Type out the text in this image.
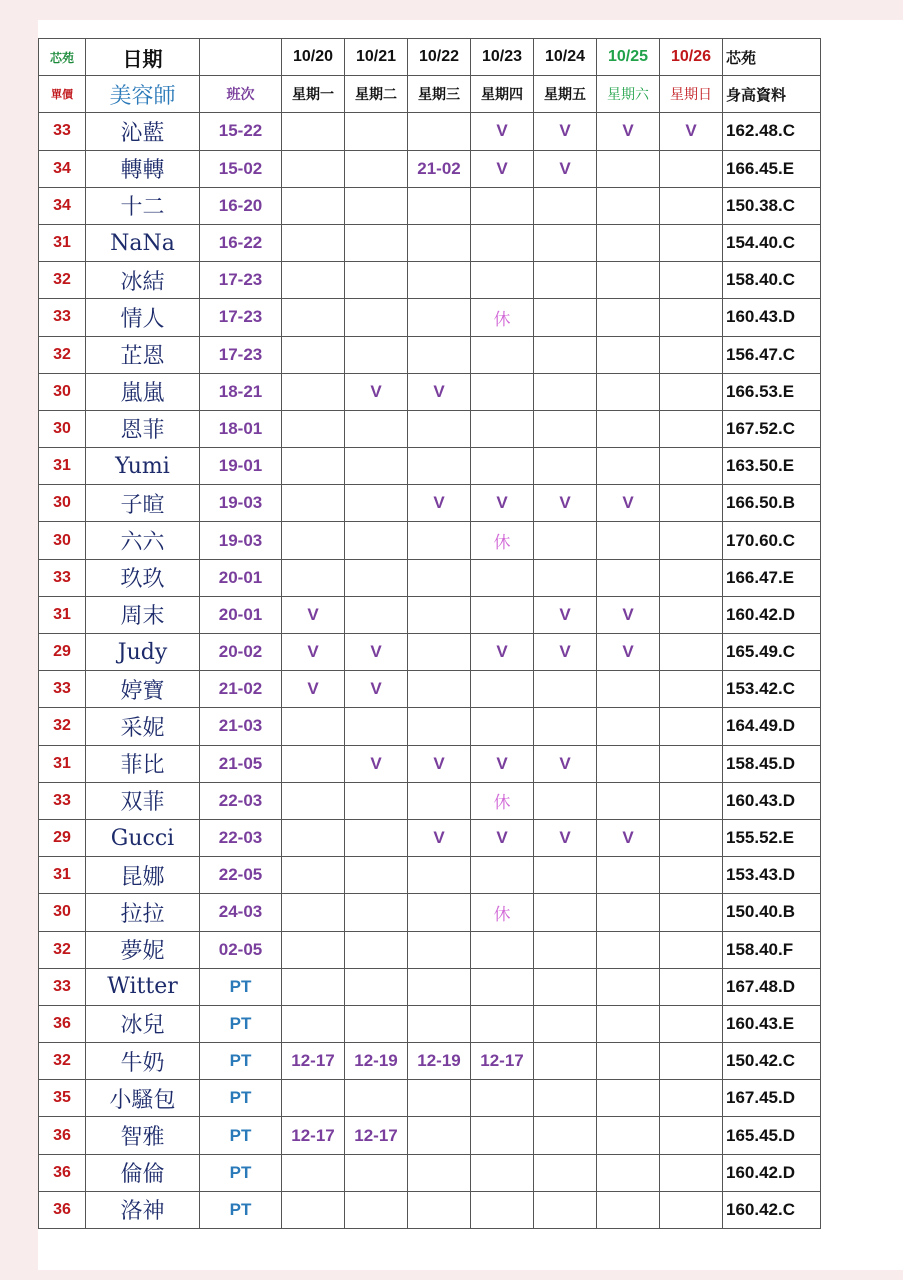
芯苑	日期		10/20	10/21	10/22	10/23	10/24	10/25	10/26	芯苑
單價	美容師	班次	星期一	星期二	星期三	星期四	星期五	星期六	星期日	身高資料
33	沁藍	15-22				V	V	V	V	162.48.C
34	轉轉	15-02			21-02	V	V			166.45.E
34	十二	16-20								150.38.C
31	NaNa	16-22								154.40.C
32	冰結	17-23								158.40.C
33	情人	17-23				休				160.43.D
32	芷恩	17-23								156.47.C
30	嵐嵐	18-21		V	V					166.53.E
30	恩菲	18-01								167.52.C
31	Yumi	19-01								163.50.E
30	子暄	19-03			V	V	V	V		166.50.B
30	六六	19-03				休				170.60.C
33	玖玖	20-01								166.47.E
31	周末	20-01	V				V	V		160.42.D
29	Judy	20-02	V	V		V	V	V		165.49.C
33	婷寶	21-02	V	V						153.42.C
32	采妮	21-03								164.49.D
31	菲比	21-05		V	V	V	V			158.45.D
33	双菲	22-03				休				160.43.D
29	Gucci	22-03			V	V	V	V		155.52.E
31	昆娜	22-05								153.43.D
30	拉拉	24-03				休				150.40.B
32	夢妮	02-05								158.40.F
33	Witter	PT								167.48.D
36	冰兒	PT								160.43.E
32	牛奶	PT	12-17	12-19	12-19	12-17				150.42.C
35	小騷包	PT								167.45.D
36	智雅	PT	12-17	12-17						165.45.D
36	倫倫	PT								160.42.D
36	洛神	PT								160.42.C
